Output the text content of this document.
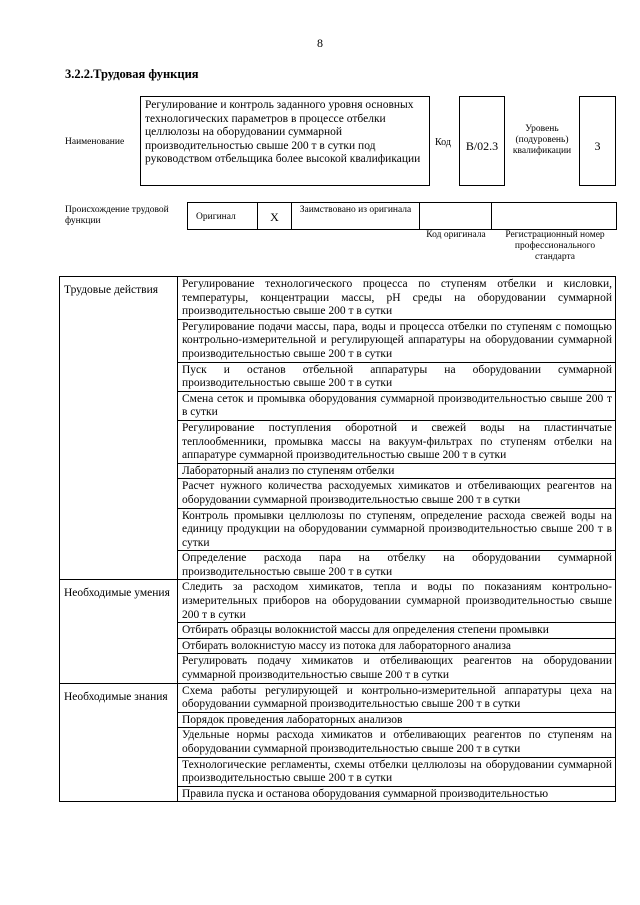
8
3.2.2.Трудовая функция
Наименование
Регулирование и контроль заданного уровня основных технологических параметров в процессе отбелки целлюлозы на оборудовании суммарной производительностью свыше 200 т в сутки под руководством отбельщика более высокой квалификации
Код	B/02.3
Уровень (подуровень) квалификации	3
Происхождение трудовой функции	Оригинал	X	Заимствовано из оригинала
Код оригинала	Регистрационный номер профессионального стандарта
Трудовые действия	Регулирование технологического процесса по ступеням отбелки и кисловки, температуры, концентрации массы, pH среды на оборудовании суммарной производительностью свыше 200 т в сутки
	Регулирование подачи массы, пара, воды и процесса отбелки по ступеням с помощью контрольно-измерительной и регулирующей аппаратуры на оборудовании суммарной производительностью свыше 200 т в сутки
	Пуск и останов отбельной аппаратуры на оборудовании суммарной производительностью свыше 200 т в сутки
	Смена сеток и промывка оборудования суммарной производительностью свыше 200 т в сутки
	Регулирование поступления оборотной и свежей воды на пластинчатые теплообменники, промывка массы на вакуум-фильтрах по ступеням отбелки на аппаратуре суммарной производительностью свыше 200 т в сутки
	Лабораторный анализ по ступеням отбелки
	Расчет нужного количества расходуемых химикатов и отбеливающих реагентов на оборудовании суммарной производительностью свыше 200 т в сутки
	Контроль промывки целлюлозы по ступеням, определение расхода свежей воды на единицу продукции на оборудовании суммарной производительностью свыше 200 т в сутки
	Определение расхода пара на отбелку на оборудовании суммарной производительностью свыше 200 т в сутки
Необходимые умения	Следить за расходом химикатов, тепла и воды по показаниям контрольно-измерительных приборов на оборудовании суммарной производительностью свыше 200 т в сутки
	Отбирать образцы волокнистой массы для определения степени промывки
	Отбирать волокнистую массу из потока для лабораторного анализа
	Регулировать подачу химикатов и отбеливающих реагентов на оборудовании суммарной производительностью свыше 200 т в сутки
Необходимые знания	Схема работы регулирующей и контрольно-измерительной аппаратуры цеха на оборудовании суммарной производительностью свыше 200 т в сутки
	Порядок проведения лабораторных анализов
	Удельные нормы расхода химикатов и отбеливающих реагентов по ступеням на оборудовании суммарной производительностью свыше 200 т в сутки
	Технологические регламенты, схемы отбелки целлюлозы на оборудовании суммарной производительностью свыше 200 т в сутки
	Правила пуска и останова оборудования суммарной производительностью
